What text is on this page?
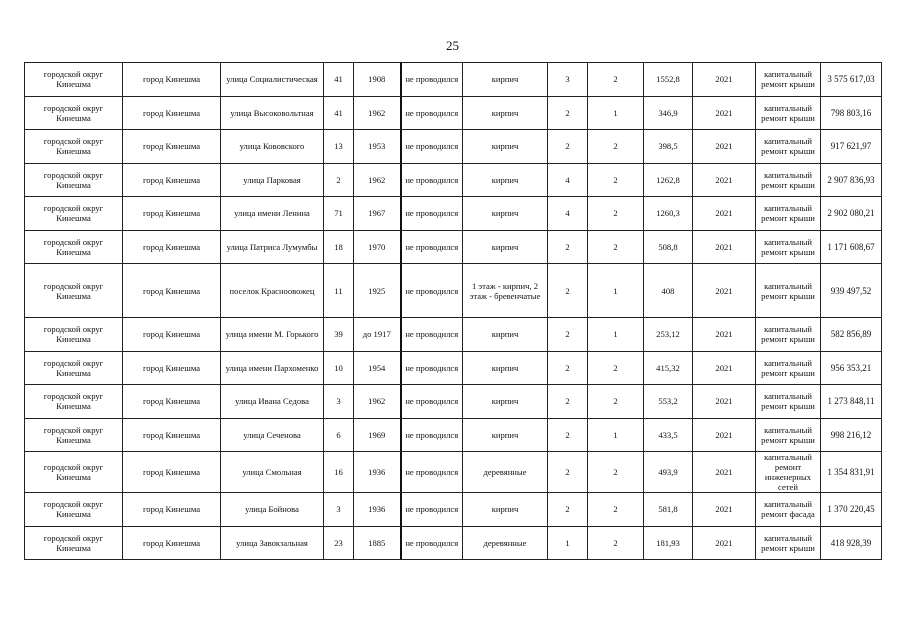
25
городской округ Кинешма	город Кинешма	улица Социалистическая	41	1908	не проводился	кирпич	3	2	1552,8	2021	капитальный ремонт крыши	3 575 617,03
городской округ Кинешма	город Кинешма	улица Высоковольтная	41	1962	не проводился	кирпич	2	1	346,9	2021	капитальный ремонт крыши	798 803,16
городской округ Кинешма	город Кинешма	улица Кововского	13	1953	не проводился	кирпич	2	2	398,5	2021	капитальный ремонт крыши	917 621,97
городской округ Кинешма	город Кинешма	улица Парковая	2	1962	не проводился	кирпич	4	2	1262,8	2021	капитальный ремонт крыши	2 907 836,93
городской округ Кинешма	город Кинешма	улица имени Ленина	71	1967	не проводился	кирпич	4	2	1260,3	2021	капитальный ремонт крыши	2 902 080,21
городской округ Кинешма	город Кинешма	улица Патриса Лумумбы	18	1970	не проводился	кирпич	2	2	508,8	2021	капитальный ремонт крыши	1 171 608,67
городской округ Кинешма	город Кинешма	поселок Красноовожец	11	1925	не проводился	1 этаж - кирпич, 2 этаж - бревенчатые	2	1	408	2021	капитальный ремонт крыши	939 497,52
городской округ Кинешма	город Кинешма	улица имени М. Горького	39	до 1917	не проводился	кирпич	2	1	253,12	2021	капитальный ремонт крыши	582 856,89
городской округ Кинешма	город Кинешма	улица имени Пархоменко	10	1954	не проводился	кирпич	2	2	415,32	2021	капитальный ремонт крыши	956 353,21
городской округ Кинешма	город Кинешма	улица Ивана Седова	3	1962	не проводился	кирпич	2	2	553,2	2021	капитальный ремонт крыши	1 273 848,11
городской округ Кинешма	город Кинешма	улица Сеченова	6	1969	не проводился	кирпич	2	1	433,5	2021	капитальный ремонт крыши	998 216,12
городской округ Кинешма	город Кинешма	улица Смольная	16	1936	не проводился	деревянные	2	2	493,9	2021	капитальный ремонт инженерных сетей	1 354 831,91
городской округ Кинешма	город Кинешма	улица Бойнова	3	1936	не проводился	кирпич	2	2	581,8	2021	капитальный ремонт фасада	1 370 220,45
городской округ Кинешма	город Кинешма	улица Завокзальная	23	1885	не проводился	деревянные	1	2	181,93	2021	капитальный ремонт крыши	418 928,39
